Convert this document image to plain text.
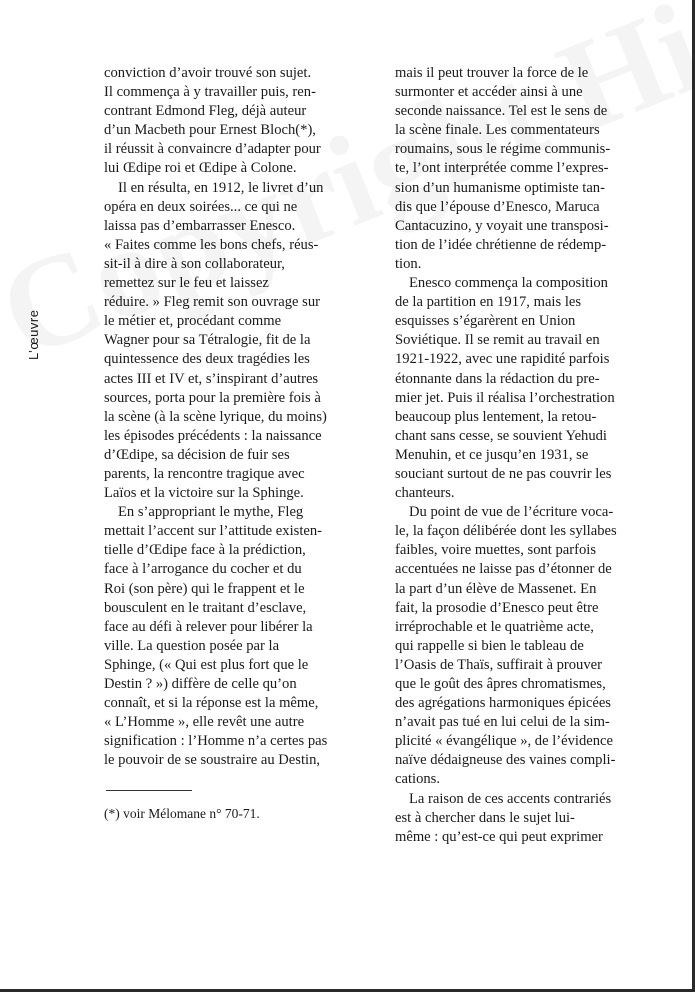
L’œuvre
conviction d’avoir trouvé son sujet.
Il commença à y travailler puis, ren-
contrant Edmond Fleg, déjà auteur
d’un Macbeth pour Ernest Bloch(*),
il réussit à convaincre d’adapter pour
lui Œdipe roi et Œdipe à Colone.
Il en résulta, en 1912, le livret d’un
opéra en deux soirées... ce qui ne
laissa pas d’embarrasser Enesco.
« Faites comme les bons chefs, réus-
sit-il à dire à son collaborateur,
remettez sur le feu et laissez
réduire. » Fleg remit son ouvrage sur
le métier et, procédant comme
Wagner pour sa Tétralogie, fit de la
quintessence des deux tragédies les
actes III et IV et, s’inspirant d’autres
sources, porta pour la première fois à
la scène (à la scène lyrique, du moins)
les épisodes précédents : la naissance
d’Œdipe, sa décision de fuir ses
parents, la rencontre tragique avec
Laïos et la victoire sur la Sphinge.
En s’appropriant le mythe, Fleg
mettait l’accent sur l’attitude existen-
tielle d’Œdipe face à la prédiction,
face à l’arrogance du cocher et du
Roi (son père) qui le frappent et le
bousculent en le traitant d’esclave,
face au défi à relever pour libérer la
ville. La question posée par la
Sphinge, (« Qui est plus fort que le
Destin ? ») diffère de celle qu’on
connaît, et si la réponse est la même,
« L’Homme », elle revêt une autre
signification : l’Homme n’a certes pas
le pouvoir de se soustraire au Destin,
mais il peut trouver la force de le
surmonter et accéder ainsi à une
seconde naissance. Tel est le sens de
la scène finale. Les commentateurs
roumains, sous le régime communis-
te, l’ont interprétée comme l’expres-
sion d’un humanisme optimiste tan-
dis que l’épouse d’Enesco, Maruca
Cantacuzino, y voyait une transposi-
tion de l’idée chrétienne de rédemp-
tion.
Enesco commença la composition
de la partition en 1917, mais les
esquisses s’égarèrent en Union
Soviétique. Il se remit au travail en
1921-1922, avec une rapidité parfois
étonnante dans la rédaction du pre-
mier jet. Puis il réalisa l’orchestration
beaucoup plus lentement, la retou-
chant sans cesse, se souvient Yehudi
Menuhin, et ce jusqu’en 1931, se
souciant surtout de ne pas couvrir les
chanteurs.
Du point de vue de l’écriture voca-
le, la façon délibérée dont les syllabes
faibles, voire muettes, sont parfois
accentuées ne laisse pas d’étonner de
la part d’un élève de Massenet. En
fait, la prosodie d’Enesco peut être
irréprochable et le quatrième acte,
qui rappelle si bien le tableau de
l’Oasis de Thaïs, suffirait à prouver
que le goût des âpres chromatismes,
des agrégations harmoniques épicées
n’avait pas tué en lui celui de la sim-
plicité « évangélique », de l’évidence
naïve dédaigneuse des vaines compli-
cations.
La raison de ces accents contrariés
est à chercher dans le sujet lui-
même : qu’est-ce qui peut exprimer
(*) voir Mélomane n° 70-71.
